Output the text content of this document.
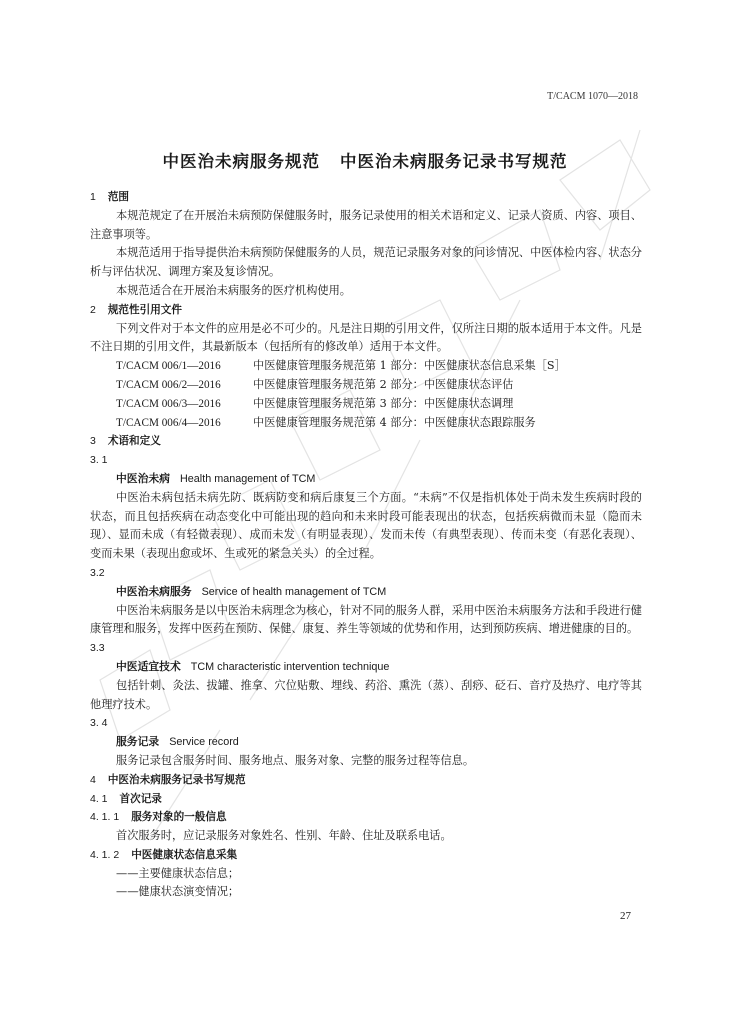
T/CACM 1070—2018
中医治未病服务规范 中医治未病服务记录书写规范
1 范围
本规范规定了在开展治未病预防保健服务时，服务记录使用的相关术语和定义、记录人资质、内容、项目、注意事项等。
本规范适用于指导提供治未病预防保健服务的人员，规范记录服务对象的问诊情况、中医体检内容、状态分析与评估状况、调理方案及复诊情况。
本规范适合在开展治未病服务的医疗机构使用。
2 规范性引用文件
下列文件对于本文件的应用是必不可少的。凡是注日期的引用文件，仅所注日期的版本适用于本文件。凡是不注日期的引用文件，其最新版本（包括所有的修改单）适用于本文件。
T/CACM 006/1—2016	中医健康管理服务规范第 1 部分：中医健康状态信息采集［S］
T/CACM 006/2—2016	中医健康管理服务规范第 2 部分：中医健康状态评估
T/CACM 006/3—2016	中医健康管理服务规范第 3 部分：中医健康状态调理
T/CACM 006/4—2016	中医健康管理服务规范第 4 部分：中医健康状态跟踪服务
3 术语和定义
3. 1
中医治未病 Health management of TCM
中医治未病包括未病先防、既病防变和病后康复三个方面。“未病”不仅是指机体处于尚未发生疾病时段的状态，而且包括疾病在动态变化中可能出现的趋向和未来时段可能表现出的状态，包括疾病微而未显（隐而未现）、显而未成（有轻微表现）、成而未发（有明显表现）、发而未传（有典型表现）、传而未变（有恶化表现）、变而未果（表现出愈或坏、生或死的紧急关头）的全过程。
3.2
中医治未病服务 Service of health management of TCM
中医治未病服务是以中医治未病理念为核心，针对不同的服务人群，采用中医治未病服务方法和手段进行健康管理和服务，发挥中医药在预防、保健、康复、养生等领域的优势和作用，达到预防疾病、增进健康的目的。
3.3
中医适宜技术 TCM characteristic intervention technique
包括针刺、灸法、拔罐、推拿、穴位贴敷、埋线、药浴、熏洗（蒸）、刮痧、砭石、音疗及热疗、电疗等其他理疗技术。
3. 4
服务记录 Service record
服务记录包含服务时间、服务地点、服务对象、完整的服务过程等信息。
4 中医治未病服务记录书写规范
4. 1 首次记录
4. 1. 1 服务对象的一般信息
首次服务时，应记录服务对象姓名、性别、年龄、住址及联系电话。
4. 1. 2 中医健康状态信息采集
——主要健康状态信息；
——健康状态演变情况；
27
